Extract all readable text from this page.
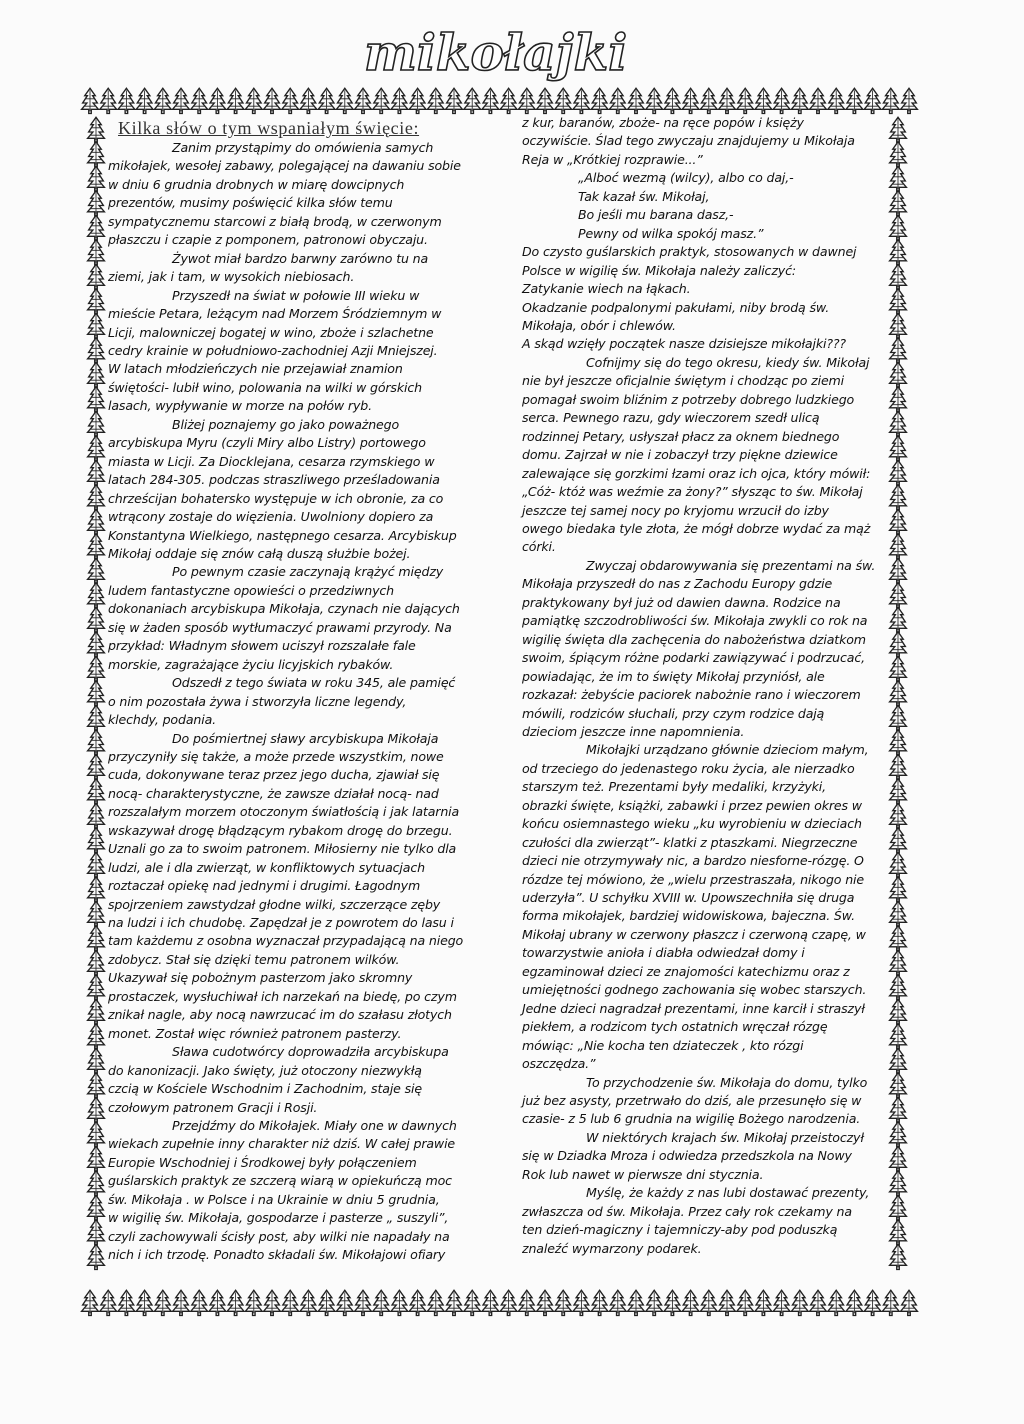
mikołajki
Kilka słów o tym wspaniałym święcie:
Zanim przystąpimy do omówienia samych
mikołajek, wesołej zabawy, polegającej na dawaniu sobie
w dniu 6 grudnia drobnych w miarę dowcipnych
prezentów, musimy poświęcić kilka słów temu
sympatycznemu starcowi z białą brodą, w czerwonym
płaszczu i czapie z pomponem, patronowi obyczaju.
Żywot miał bardzo barwny zarówno tu na
ziemi, jak i tam, w wysokich niebiosach.
Przyszedł na świat w połowie III wieku w
mieście Petara, leżącym nad Morzem Śródziemnym w
Licji, malowniczej bogatej w wino, zboże i szlachetne
cedry krainie w południowo-zachodniej Azji Mniejszej.
W latach młodzieńczych nie przejawiał znamion
świętości- lubił wino, polowania na wilki w górskich
lasach, wypływanie w morze na połów ryb.
Bliżej poznajemy go jako poważnego
arcybiskupa Myru (czyli Miry albo Listry) portowego
miasta w Licji. Za Diocklejana, cesarza rzymskiego w
latach 284-305. podczas straszliwego prześladowania
chrześcijan bohatersko występuje w ich obronie, za co
wtrącony zostaje do więzienia. Uwolniony dopiero za
Konstantyna Wielkiego, następnego cesarza. Arcybiskup
Mikołaj oddaje się znów całą duszą służbie bożej.
Po pewnym czasie zaczynają krążyć między
ludem fantastyczne opowieści o przedziwnych
dokonaniach arcybiskupa Mikołaja, czynach nie dających
się w żaden sposób wytłumaczyć prawami przyrody. Na
przykład: Władnym słowem uciszył rozszalałe fale
morskie, zagrażające życiu licyjskich rybaków.
Odszedł z tego świata w roku 345, ale pamięć
o nim pozostała żywa i stworzyła liczne legendy,
klechdy, podania.
Do pośmiertnej sławy arcybiskupa Mikołaja
przyczyniły się także, a może przede wszystkim, nowe
cuda, dokonywane teraz przez jego ducha, zjawiał się
nocą- charakterystyczne, że zawsze działał nocą- nad
rozszalałym morzem otoczonym światłością i jak latarnia
wskazywał drogę błądzącym rybakom drogę do brzegu.
Uznali go za to swoim patronem. Miłosierny nie tylko dla
ludzi, ale i dla zwierząt, w konfliktowych sytuacjach
roztaczał opiekę nad jednymi i drugimi. Łagodnym
spojrzeniem zawstydzał głodne wilki, szczerzące zęby
na ludzi i ich chudobę. Zapędzał je z powrotem do lasu i
tam każdemu z osobna wyznaczał przypadającą na niego
zdobycz. Stał się dzięki temu patronem wilków.
Ukazywał się pobożnym pasterzom jako skromny
prostaczek, wysłuchiwał ich narzekań na biedę, po czym
znikał nagle, aby nocą nawrzucać im do szałasu złotych
monet. Został więc również patronem pasterzy.
Sława cudotwórcy doprowadziła arcybiskupa
do kanonizacji. Jako święty, już otoczony niezwykłą
czcią w Kościele Wschodnim i Zachodnim, staje się
czołowym patronem Gracji i Rosji.
Przejdźmy do Mikołajek. Miały one w dawnych
wiekach zupełnie inny charakter niż dziś. W całej prawie
Europie Wschodniej i Środkowej były połączeniem
guślarskich praktyk ze szczerą wiarą w opiekuńczą moc
św. Mikołaja . w Polsce i na Ukrainie w dniu 5 grudnia,
w wigilię św. Mikołaja, gospodarze i pasterze „ suszyli”,
czyli zachowywali ścisły post, aby wilki nie napadały na
nich i ich trzodę. Ponadto składali św. Mikołajowi ofiary
z kur, baranów, zboże- na ręce popów i księży
oczywiście. Ślad tego zwyczaju znajdujemy u Mikołaja
Reja w „Krótkiej rozprawie...”
„Alboć wezmą (wilcy), albo co daj,-
Tak kazał św. Mikołaj,
Bo jeśli mu barana dasz,-
Pewny od wilka spokój masz.”
Do czysto guślarskich praktyk, stosowanych w dawnej
Polsce w wigilię św. Mikołaja należy zaliczyć:
Zatykanie wiech na łąkach.
Okadzanie podpalonymi pakułami, niby brodą św.
Mikołaja, obór i chlewów.
A skąd wzięły początek nasze dzisiejsze mikołajki???
Cofnijmy się do tego okresu, kiedy św. Mikołaj
nie był jeszcze oficjalnie świętym i chodząc po ziemi
pomagał swoim bliźnim z potrzeby dobrego ludzkiego
serca. Pewnego razu, gdy wieczorem szedł ulicą
rodzinnej Petary, usłyszał płacz za oknem biednego
domu. Zajrzał w nie i zobaczył trzy piękne dziewice
zalewające się gorzkimi łzami oraz ich ojca, który mówił:
„Cóż- któż was weźmie za żony?” słysząc to św. Mikołaj
jeszcze tej samej nocy po kryjomu wrzucił do izby
owego biedaka tyle złota, że mógł dobrze wydać za mąż
córki.
Zwyczaj obdarowywania się prezentami na św.
Mikołaja przyszedł do nas z Zachodu Europy gdzie
praktykowany był już od dawien dawna. Rodzice na
pamiątkę szczodrobliwości św. Mikołaja zwykli co rok na
wigilię święta dla zachęcenia do nabożeństwa dziatkom
swoim, śpiącym różne podarki zawiązywać i podrzucać,
powiadając, że im to święty Mikołaj przyniósł, ale
rozkazał: żebyście paciorek nabożnie rano i wieczorem
mówili, rodziców słuchali, przy czym rodzice dają
dzieciom jeszcze inne napomnienia.
Mikołajki urządzano głównie dzieciom małym,
od trzeciego do jedenastego roku życia, ale nierzadko
starszym też. Prezentami były medaliki, krzyżyki,
obrazki święte, książki, zabawki i przez pewien okres w
końcu osiemnastego wieku „ku wyrobieniu w dzieciach
czułości dla zwierząt”- klatki z ptaszkami. Niegrzeczne
dzieci nie otrzymywały nic, a bardzo niesforne-rózgę. O
rózdze tej mówiono, że „wielu przestraszała, nikogo nie
uderzyła”. U schyłku XVIII w. Upowszechniła się druga
forma mikołajek, bardziej widowiskowa, bajeczna. Św.
Mikołaj ubrany w czerwony płaszcz i czerwoną czapę, w
towarzystwie anioła i diabła odwiedzał domy i
egzaminował dzieci ze znajomości katechizmu oraz z
umiejętności godnego zachowania się wobec starszych.
Jedne dzieci nagradzał prezentami, inne karcił i straszył
piekłem, a rodzicom tych ostatnich wręczał rózgę
mówiąc: „Nie kocha ten dziateczek , kto rózgi
oszczędza.”
To przychodzenie św. Mikołaja do domu, tylko
już bez asysty, przetrwało do dziś, ale przesunęło się w
czasie- z 5 lub 6 grudnia na wigilię Bożego narodzenia.
W niektórych krajach św. Mikołaj przeistoczył
się w Dziadka Mroza i odwiedza przedszkola na Nowy
Rok lub nawet w pierwsze dni stycznia.
Myślę, że każdy z nas lubi dostawać prezenty,
zwłaszcza od św. Mikołaja. Przez cały rok czekamy na
ten dzień-magiczny i tajemniczy-aby pod poduszką
znaleźć wymarzony podarek.
